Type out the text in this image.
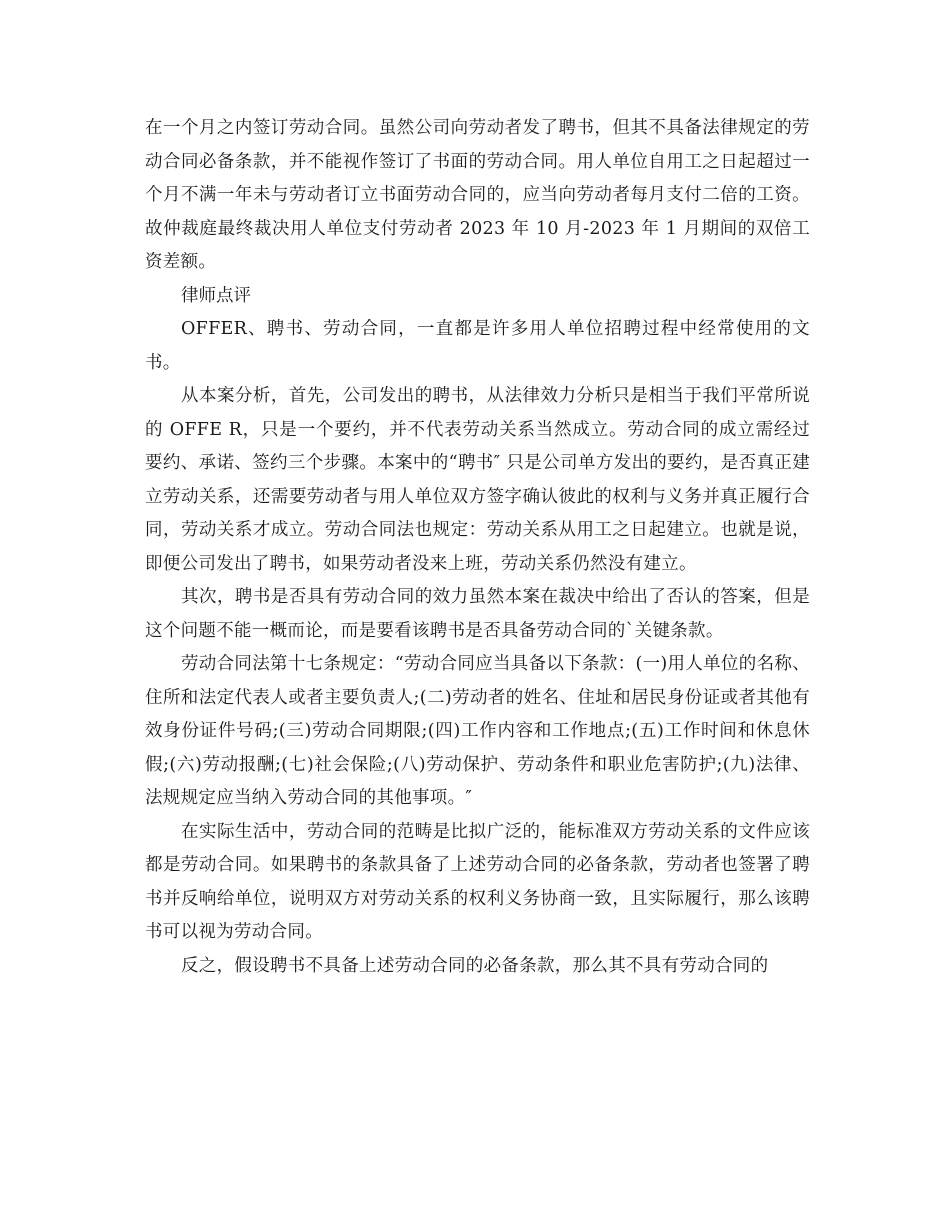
在一个月之内签订劳动合同。虽然公司向劳动者发了聘书，但其不具备法律规定的劳动合同必备条款，并不能视作签订了书面的劳动合同。用人单位自用工之日起超过一个月不满一年未与劳动者订立书面劳动合同的，应当向劳动者每月支付二倍的工资。故仲裁庭最终裁决用人单位支付劳动者 2023 年 10 月-2023 年 1 月期间的双倍工资差额。

律师点评

OFFER、聘书、劳动合同，一直都是许多用人单位招聘过程中经常使用的文书。

从本案分析，首先，公司发出的聘书，从法律效力分析只是相当于我们平常所说的 OFFE R，只是一个要约，并不代表劳动关系当然成立。劳动合同的成立需经过要约、承诺、签约三个步骤。本案中的“聘书″ 只是公司单方发出的要约，是否真正建立劳动关系，还需要劳动者与用人单位双方签字确认彼此的权利与义务并真正履行合同，劳动关系才成立。劳动合同法也规定：劳动关系从用工之日起建立。也就是说，即便公司发出了聘书，如果劳动者没来上班，劳动关系仍然没有建立。

其次，聘书是否具有劳动合同的效力虽然本案在裁决中给出了否认的答案，但是这个问题不能一概而论，而是要看该聘书是否具备劳动合同的`关键条款。

劳动合同法第十七条规定：“劳动合同应当具备以下条款：(一)用人单位的名称、住所和法定代表人或者主要负责人;(二)劳动者的姓名、住址和居民身份证或者其他有效身份证件号码;(三)劳动合同期限;(四)工作内容和工作地点;(五)工作时间和休息休假;(六)劳动报酬;(七)社会保险;(八)劳动保护、劳动条件和职业危害防护;(九)法律、法规规定应当纳入劳动合同的其他事项。″

在实际生活中，劳动合同的范畴是比拟广泛的，能标准双方劳动关系的文件应该都是劳动合同。如果聘书的条款具备了上述劳动合同的必备条款，劳动者也签署了聘书并反响给单位，说明双方对劳动关系的权利义务协商一致，且实际履行，那么该聘书可以视为劳动合同。

反之，假设聘书不具备上述劳动合同的必备条款，那么其不具有劳动合同的
